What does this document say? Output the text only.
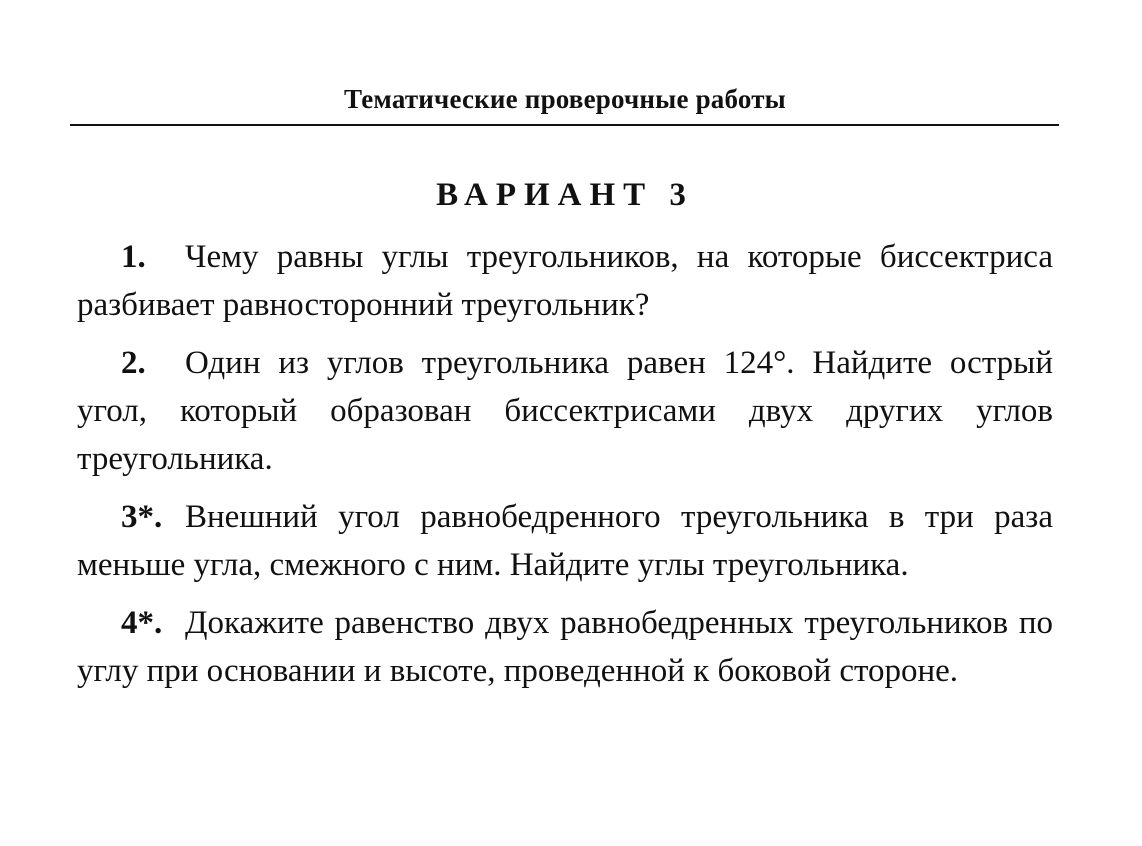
Тематические проверочные работы
ВАРИАНТ 3

1. Чему равны углы треугольников, на которые биссектриса разбивает равносторонний треугольник?

2. Один из углов треугольника равен 124°. Найдите острый угол, который образован биссектрисами двух других углов треугольника.

3*. Внешний угол равнобедренного треугольника в три раза меньше угла, смежного с ним. Найдите углы треугольника.

4*. Докажите равенство двух равнобедренных треугольников по углу при основании и высоте, проведенной к боковой стороне.
